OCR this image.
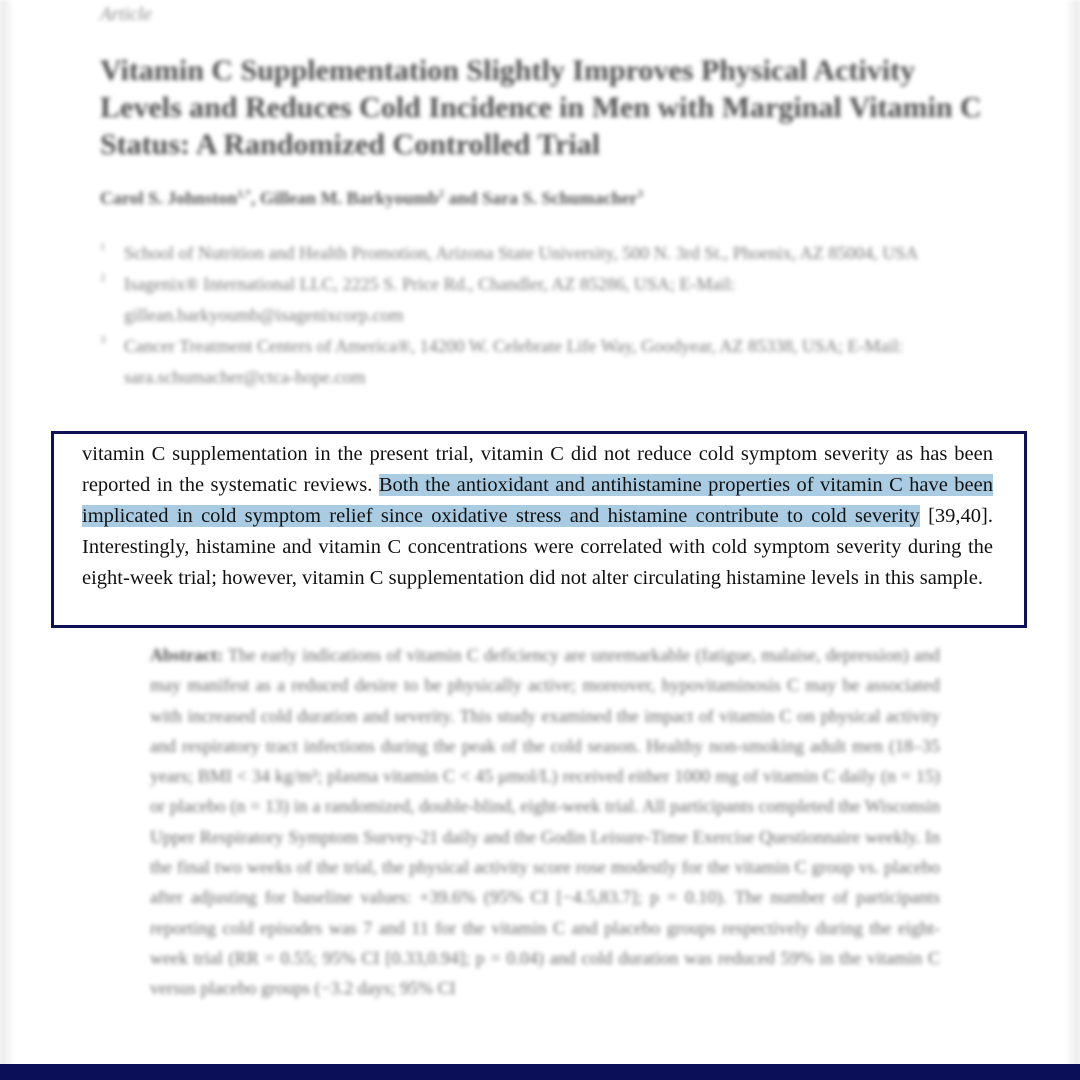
Article
Vitamin C Supplementation Slightly Improves Physical Activity Levels and Reduces Cold Incidence in Men with Marginal Vitamin C Status: A Randomized Controlled Trial
Carol S. Johnston$^{1,*}$, Gillean M. Barkyoumb$^2$ and Sara S. Schumacher$^3$
1 School of Nutrition and Health Promotion, Arizona State University, 500 N. 3rd St., Phoenix, AZ 85004, USA
2 Isagenix® International LLC, 2225 S. Price Rd., Chandler, AZ 85286, USA; E-Mail: gillean.barkyoumb@isagenixcorp.com
3 Cancer Treatment Centers of America®, 14200 W. Celebrate Life Way, Goodyear, AZ 85338, USA; E-Mail: sara.schumacher@ctca-hope.com
Abstract: The early indications of vitamin C deficiency are unremarkable (fatigue, malaise, depression) and may manifest as a reduced desire to be physically active; moreover, hypovitaminosis C may be associated with increased cold duration and severity. This study examined the impact of vitamin C on physical activity and respiratory tract infections during the peak of the cold season. Healthy non-smoking adult men (18–35 years; BMI < 34 kg/m²; plasma vitamin C < 45 μmol/L) received either 1000 mg of vitamin C daily (n = 15) or placebo (n = 13) in a randomized, double-blind, eight-week trial. All participants completed the Wisconsin Upper Respiratory Symptom Survey-21 daily and the Godin Leisure-Time Exercise Questionnaire weekly. In the final two weeks of the trial, the physical activity score rose modestly for the vitamin C group vs. placebo after adjusting for baseline values: +39.6% (95% CI [−4.5,83.7]; p = 0.10). The number of participants reporting cold episodes was 7 and 11 for the vitamin C and placebo groups respectively during the eight-week trial (RR = 0.55; 95% CI [0.33,0.94]; p = 0.04) and cold duration was reduced 59% in the vitamin C versus placebo groups (−3.2 days; 95% CI

vitamin C supplementation in the present trial, vitamin C did not reduce cold symptom severity as has been reported in the systematic reviews. Both the antioxidant and antihistamine properties of vitamin C have been implicated in cold symptom relief since oxidative stress and histamine contribute to cold severity [39,40]. Interestingly, histamine and vitamin C concentrations were correlated with cold symptom severity during the eight-week trial; however, vitamin C supplementation did not alter circulating histamine levels in this sample.
